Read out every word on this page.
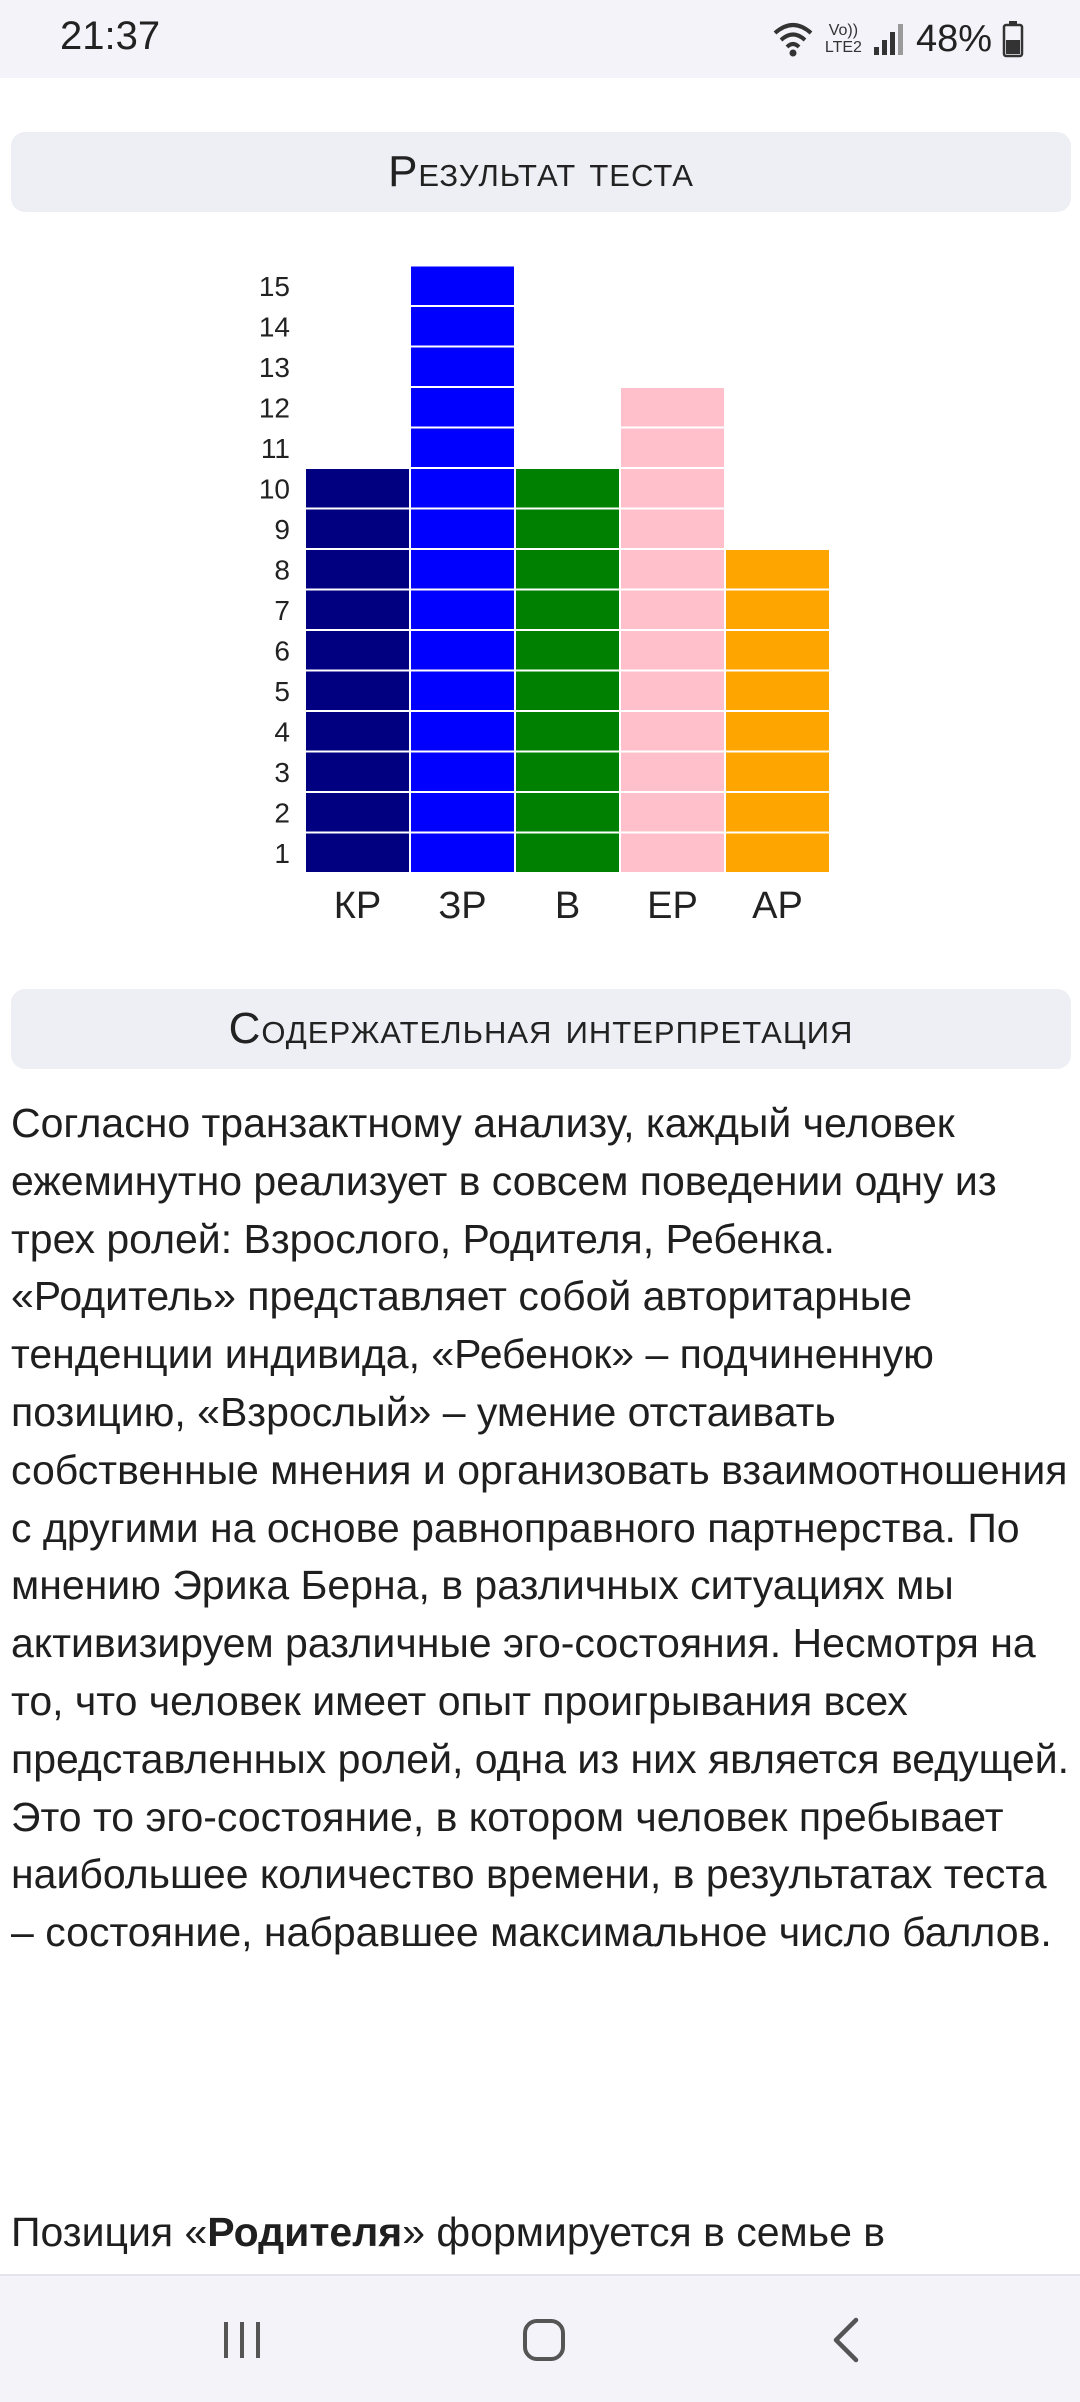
21:37	Vo))
LTE2 48%
Результат теста
1
2
3
4
5
6
7
8
9
10
11
12
13
14
15
КР ЗР В ЕР АР
Содержательная интерпретация
Согласно транзактному анализу, каждый человек ежеминутно реализует в совсем поведении одну из трех ролей: Взрослого, Родителя, Ребенка. «Родитель» представляет собой авторитарные тенденции индивида, «Ребенок» – подчиненную позицию, «Взрослый» – умение отстаивать собственные мнения и организовать взаимоотношения с другими на основе равноправного партнерства. По мнению Эрика Берна, в различных ситуациях мы активизируем различные эго-состояния. Несмотря на то, что человек имеет опыт проигрывания всех представленных ролей, одна из них является ведущей. Это то эго-состояние, в котором человек пребывает наибольшее количество времени, в результатах теста – состояние, набравшее максимальное число баллов.
Позиция «Родителя» формируется в семье в
